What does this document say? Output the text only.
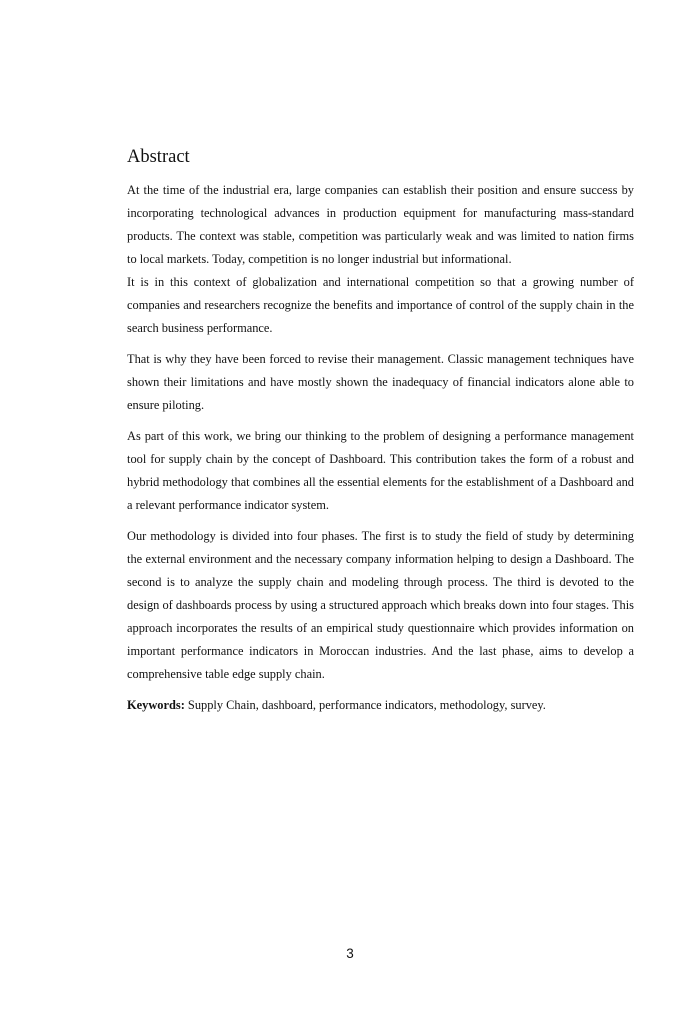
Abstract

At the time of the industrial era, large companies can establish their position and ensure success by incorporating technological advances in production equipment for manufacturing mass-standard products. The context was stable, competition was particularly weak and was limited to nation firms to local markets. Today, competition is no longer industrial but informational.

It is in this context of globalization and international competition so that a growing number of companies and researchers recognize the benefits and importance of control of the supply chain in the search business performance.

That is why they have been forced to revise their management. Classic management techniques have shown their limitations and have mostly shown the inadequacy of financial indicators alone able to ensure piloting.

As part of this work, we bring our thinking to the problem of designing a performance management tool for supply chain by the concept of Dashboard. This contribution takes the form of a robust and hybrid methodology that combines all the essential elements for the establishment of a Dashboard and a relevant performance indicator system.

Our methodology is divided into four phases. The first is to study the field of study by determining the external environment and the necessary company information helping to design a Dashboard. The second is to analyze the supply chain and modeling through process. The third is devoted to the design of dashboards process by using a structured approach which breaks down into four stages. This approach incorporates the results of an empirical study questionnaire which provides information on important performance indicators in Moroccan industries. And the last phase, aims to develop a comprehensive table edge supply chain.

Keywords: Supply Chain, dashboard, performance indicators, methodology, survey.
3
